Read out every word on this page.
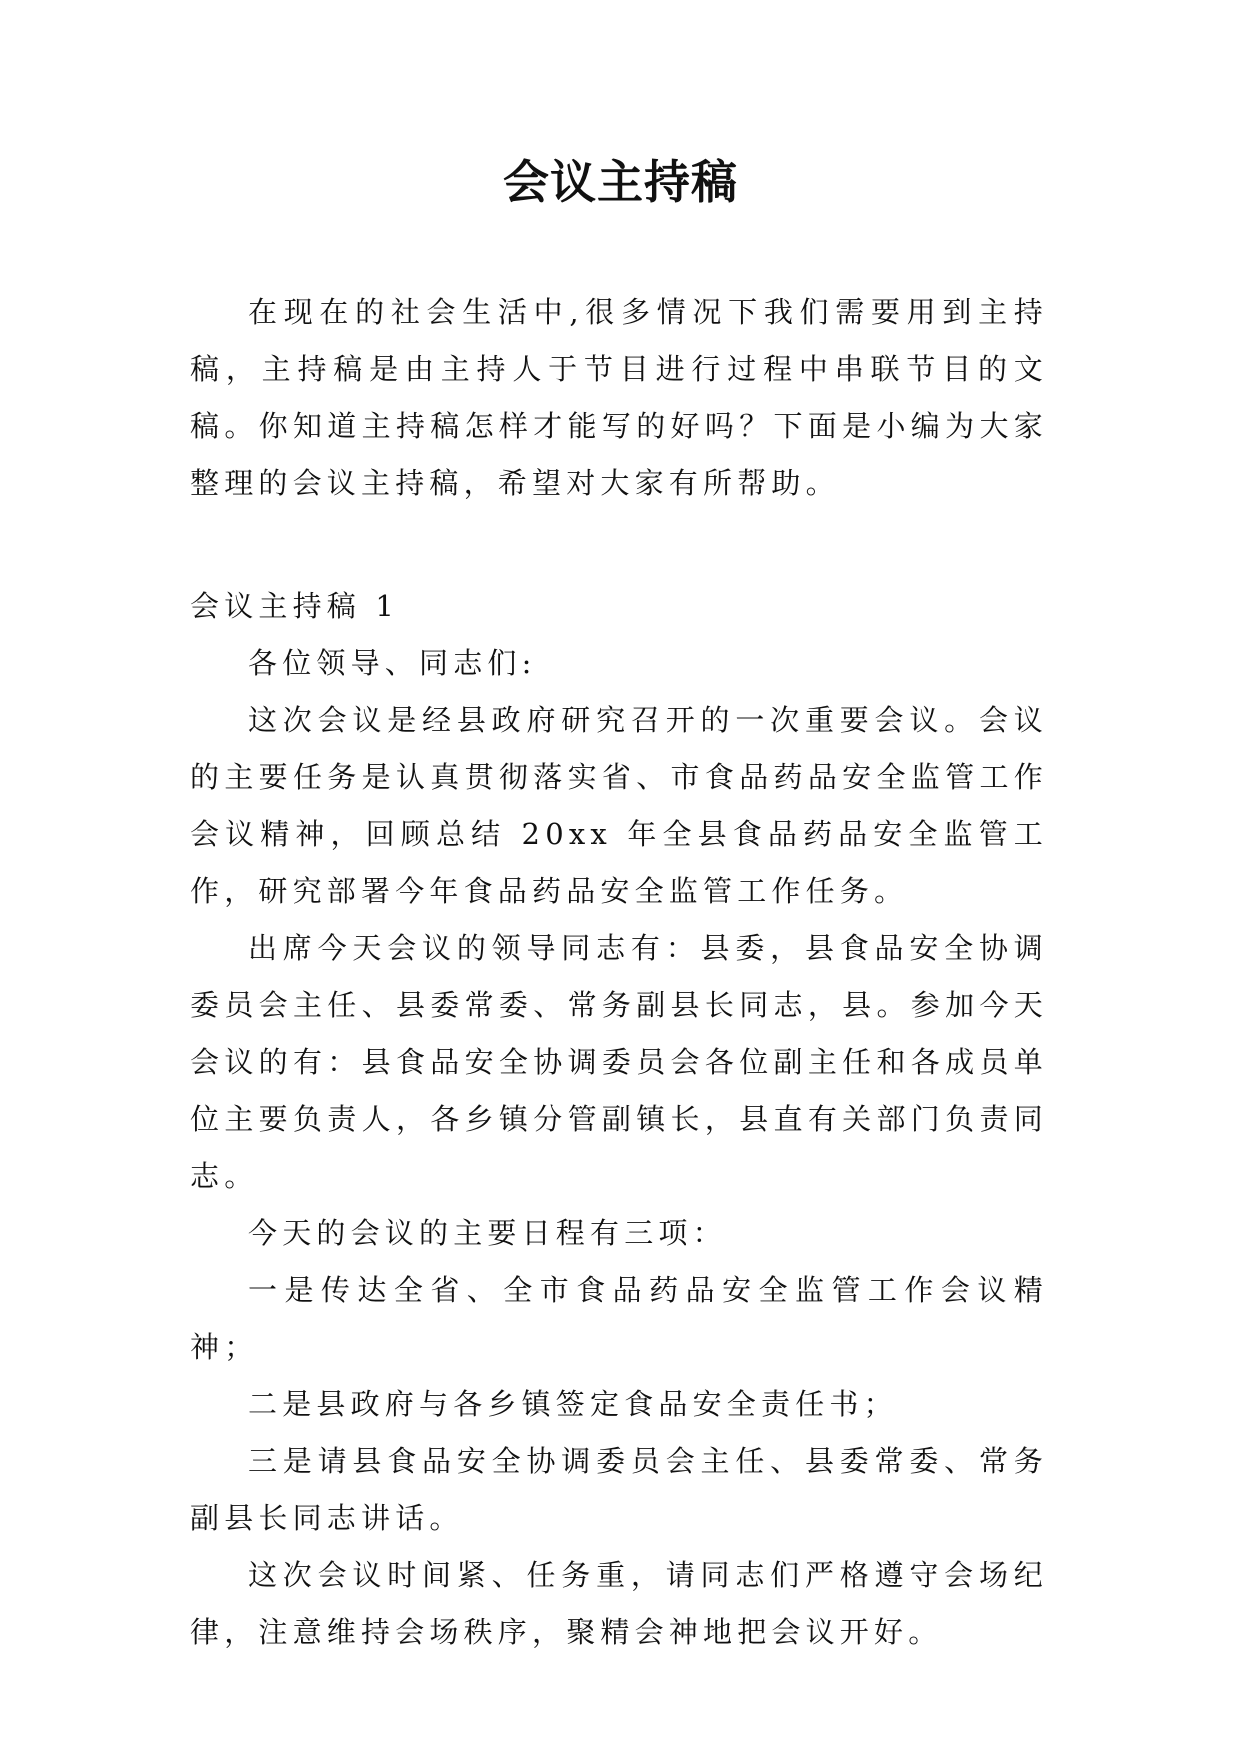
会议主持稿

在现在的社会生活中,很多情况下我们需要用到主持稿，主持稿是由主持人于节目进行过程中串联节目的文稿。你知道主持稿怎样才能写的好吗？下面是小编为大家整理的会议主持稿，希望对大家有所帮助。

会议主持稿 1

各位领导、同志们:

这次会议是经县政府研究召开的一次重要会议。会议的主要任务是认真贯彻落实省、市食品药品安全监管工作会议精神，回顾总结 20xx 年全县食品药品安全监管工作，研究部署今年食品药品安全监管工作任务。

出席今天会议的领导同志有：县委，县食品安全协调委员会主任、县委常委、常务副县长同志，县。参加今天会议的有：县食品安全协调委员会各位副主任和各成员单位主要负责人，各乡镇分管副镇长，县直有关部门负责同志。

今天的会议的主要日程有三项：

一是传达全省、全市食品药品安全监管工作会议精神；

二是县政府与各乡镇签定食品安全责任书；

三是请县食品安全协调委员会主任、县委常委、常务副县长同志讲话。

这次会议时间紧、任务重，请同志们严格遵守会场纪律，注意维持会场秩序，聚精会神地把会议开好。
